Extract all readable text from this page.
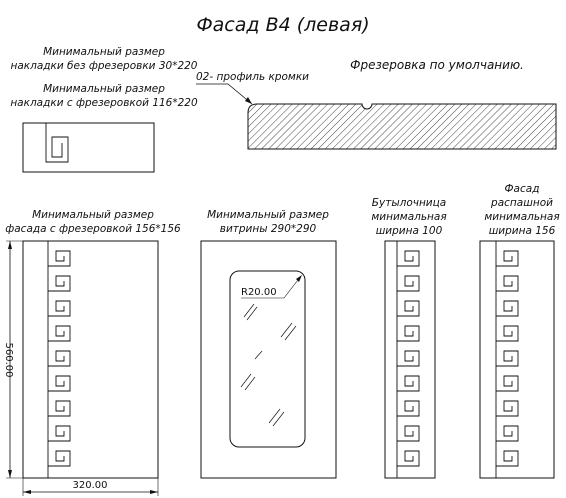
Фасад В4 (левая)
Минимальный размер
накладки без фрезеровки 30*220
Минимальный размер
накладки с фрезеровкой 116*220
Фрезеровка по умолчанию.
02- профиль кромки
Минимальный размер
фасада с фрезеровкой 156*156
560.00
320.00
Минимальный размер
витрины 290*290
R20.00
Бутылочница
минимальная
ширина 100
Фасад
распашной
минимальная
ширина 156
